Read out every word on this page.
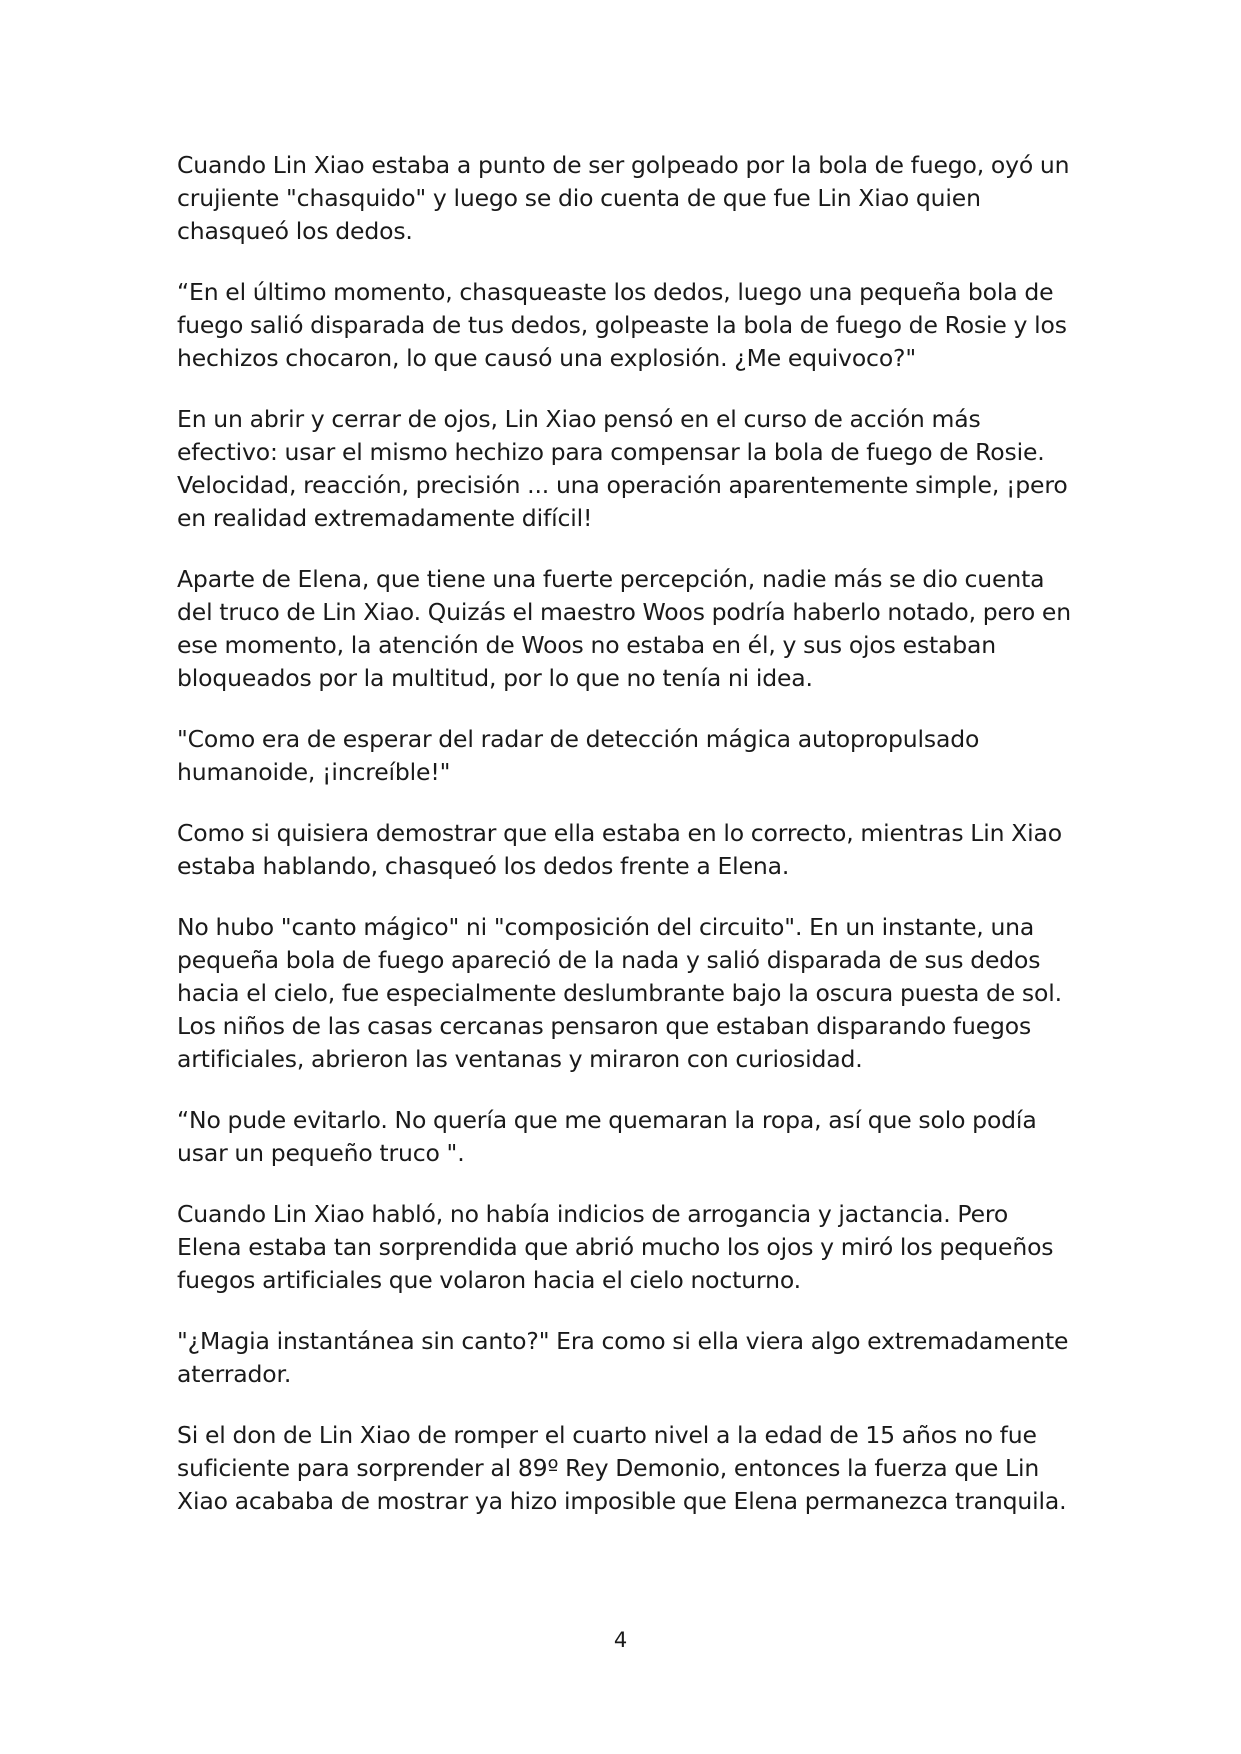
Cuando Lin Xiao estaba a punto de ser golpeado por la bola de fuego, oyó un crujiente "chasquido" y luego se dio cuenta de que fue Lin Xiao quien chasqueó los dedos.

“En el último momento, chasqueaste los dedos, luego una pequeña bola de fuego salió disparada de tus dedos, golpeaste la bola de fuego de Rosie y los hechizos chocaron, lo que causó una explosión. ¿Me equivoco?"

En un abrir y cerrar de ojos, Lin Xiao pensó en el curso de acción más efectivo: usar el mismo hechizo para compensar la bola de fuego de Rosie. Velocidad, reacción, precisión ... una operación aparentemente simple, ¡pero en realidad extremadamente difícil!

Aparte de Elena, que tiene una fuerte percepción, nadie más se dio cuenta del truco de Lin Xiao. Quizás el maestro Woos podría haberlo notado, pero en ese momento, la atención de Woos no estaba en él, y sus ojos estaban bloqueados por la multitud, por lo que no tenía ni idea.

"Como era de esperar del radar de detección mágica autopropulsado humanoide, ¡increíble!"

Como si quisiera demostrar que ella estaba en lo correcto, mientras Lin Xiao estaba hablando, chasqueó los dedos frente a Elena.

No hubo "canto mágico" ni "composición del circuito". En un instante, una pequeña bola de fuego apareció de la nada y salió disparada de sus dedos hacia el cielo, fue especialmente deslumbrante bajo la oscura puesta de sol. Los niños de las casas cercanas pensaron que estaban disparando fuegos artificiales, abrieron las ventanas y miraron con curiosidad.

“No pude evitarlo. No quería que me quemaran la ropa, así que solo podía usar un pequeño truco ".

Cuando Lin Xiao habló, no había indicios de arrogancia y jactancia. Pero Elena estaba tan sorprendida que abrió mucho los ojos y miró los pequeños fuegos artificiales que volaron hacia el cielo nocturno.

"¿Magia instantánea sin canto?" Era como si ella viera algo extremadamente aterrador.

Si el don de Lin Xiao de romper el cuarto nivel a la edad de 15 años no fue suficiente para sorprender al 89º Rey Demonio, entonces la fuerza que Lin Xiao acababa de mostrar ya hizo imposible que Elena permanezca tranquila.

4
